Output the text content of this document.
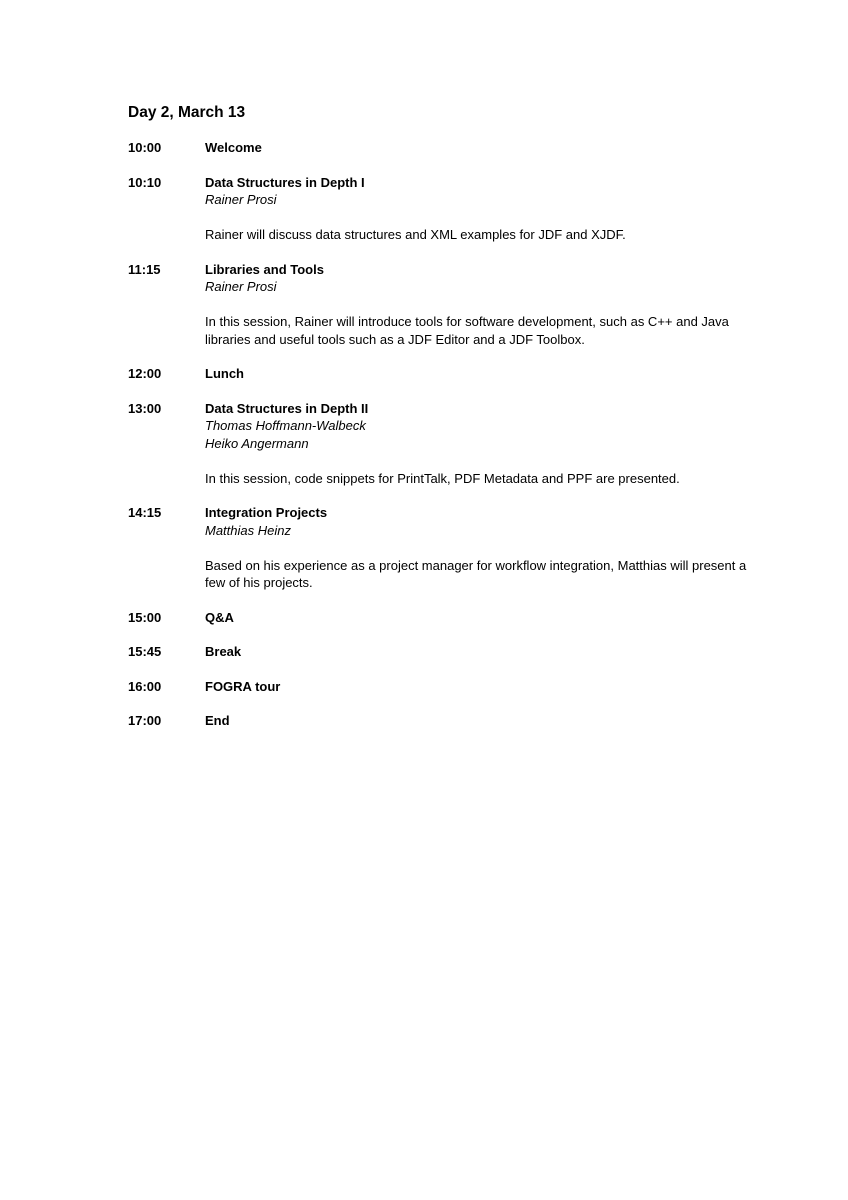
Day 2, March 13
10:00	Welcome
10:10	Data Structures in Depth I
Rainer Prosi
Rainer will discuss data structures and XML examples for JDF and XJDF.
11:15	Libraries and Tools
Rainer Prosi
In this session, Rainer will introduce tools for software development, such as C++ and Java libraries and useful tools such as a JDF Editor and a JDF Toolbox.
12:00	Lunch
13:00	Data Structures in Depth II
Thomas Hoffmann-Walbeck
Heiko Angermann
In this session, code snippets for PrintTalk, PDF Metadata and PPF are presented.
14:15	Integration Projects
Matthias Heinz
Based on his experience as a project manager for workflow integration, Matthias will present a few of his projects.
15:00	Q&A
15:45	Break
16:00	FOGRA tour
17:00	End
